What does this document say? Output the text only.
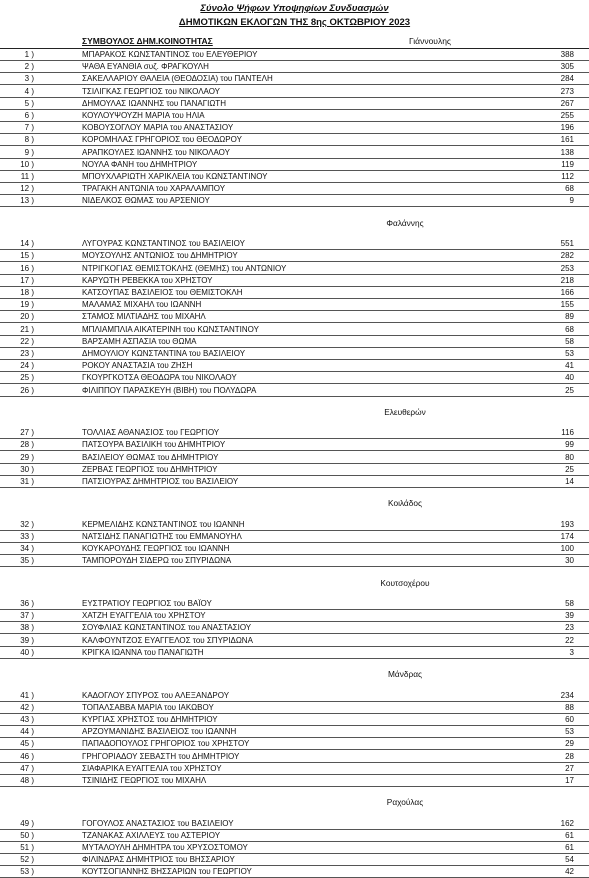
Σύνολο Ψήφων Υποψηφίων Συνδυασμών
ΔΗΜΟΤΙΚΩΝ ΕΚΛΟΓΩΝ ΤΗΣ 8ης ΟΚΤΩΒΡΙΟΥ 2023
ΣΥΜΒΟΥΛΟΣ ΔΗΜ.ΚΟΙΝΟΤΗΤΑΣ	Γιάννουλης
1 )	ΜΠΑΡΑΚΟΣ ΚΩΝΣΤΑΝΤΙΝΟΣ του ΕΛΕΥΘΕΡΙΟΥ	388
2 )	ΨΑΘΑ ΕΥΑΝΘΙΑ συζ. ΦΡΑΓΚΟΥΛΗ	305
3 )	ΣΑΚΕΛΛΑΡΙΟΥ ΘΑΛΕΙΑ (ΘΕΟΔΟΣΙΑ) του ΠΑΝΤΕΛΗ	284
4 )	ΤΣΙΛΙΓΚΑΣ ΓΕΩΡΓΙΟΣ του ΝΙΚΟΛΑΟΥ	273
5 )	ΔΗΜΟΥΛΑΣ ΙΩΑΝΝΗΣ του ΠΑΝΑΓΙΩΤΗ	267
6 )	ΚΟΥΛΟΥΨΟΥΖΗ ΜΑΡΙΑ του ΗΛΙΑ	255
7 )	ΚΟΒΟΥΣΟΓΛΟΥ ΜΑΡΙΑ του ΑΝΑΣΤΑΣΙΟΥ	196
8 )	ΚΟΡΟΜΗΛΑΣ ΓΡΗΓΟΡΙΟΣ του ΘΕΟΔΩΡΟΥ	161
9 )	ΑΡΑΠΚΟΥΛΕΣ ΙΩΑΝΝΗΣ του ΝΙΚΟΛΑΟΥ	138
10 )	ΝΟΥΛΑ ΦΑΝΗ του ΔΗΜΗΤΡΙΟΥ	119
11 )	ΜΠΟΥΧΛΑΡΙΩΤΗ ΧΑΡΙΚΛΕΙΑ του ΚΩΝΣΤΑΝΤΙΝΟΥ	112
12 )	ΤΡΑΓΑΚΗ ΑΝΤΩΝΙΑ του ΧΑΡΑΛΑΜΠΟΥ	68
13 )	ΝΙΔΕΛΚΟΣ ΘΩΜΑΣ του ΑΡΣΕΝΙΟΥ	9
Φαλάννης
14 )	ΛΥΓΟΥΡΑΣ ΚΩΝΣΤΑΝΤΙΝΟΣ του ΒΑΣΙΛΕΙΟΥ	551
15 )	ΜΟΥΣΟΥΛΗΣ ΑΝΤΩΝΙΟΣ του ΔΗΜΗΤΡΙΟΥ	282
16 )	ΝΤΡΙΓΚΟΓΙΑΣ ΘΕΜΙΣΤΟΚΛΗΣ (ΘΕΜΗΣ) του ΑΝΤΩΝΙΟΥ	253
17 )	ΚΑΡΥΩΤΗ ΡΕΒΕΚΚΑ του ΧΡΗΣΤΟΥ	218
18 )	ΚΑΤΣΟΥΠΑΣ ΒΑΣΙΛΕΙΟΣ του ΘΕΜΙΣΤΟΚΛΗ	166
19 )	ΜΑΛΑΜΑΣ ΜΙΧΑΗΛ του ΙΩΑΝΝΗ	155
20 )	ΣΤΑΜΟΣ ΜΙΛΤΙΑΔΗΣ του ΜΙΧΑΗΛ	89
21 )	ΜΠΛΙΑΜΠΛΙΑ ΑΙΚΑΤΕΡΙΝΗ του ΚΩΝΣΤΑΝΤΙΝΟΥ	68
22 )	ΒΑΡΣΑΜΗ ΑΣΠΑΣΙΑ του ΘΩΜΑ	58
23 )	ΔΗΜΟΥΛΙΟΥ ΚΩΝΣΤΑΝΤΙΝΑ του ΒΑΣΙΛΕΙΟΥ	53
24 )	ΡΟΚΟΥ ΑΝΑΣΤΑΣΙΑ του ΖΗΣΗ	41
25 )	ΓΚΟΥΡΓΚΟΤΣΑ ΘΕΟΔΩΡΑ του ΝΙΚΟΛΑΟΥ	40
26 )	ΦΙΛΙΠΠΟΥ ΠΑΡΑΣΚΕΥΗ (ΒΙΒΗ) του ΠΟΛΥΔΩΡΑ	25
Ελευθερών
27 )	ΤΟΛΛΙΑΣ ΑΘΑΝΑΣΙΟΣ του ΓΕΩΡΓΙΟΥ	116
28 )	ΠΑΤΣΟΥΡΑ ΒΑΣΙΛΙΚΗ του ΔΗΜΗΤΡΙΟΥ	99
29 )	ΒΑΣΙΛΕΙΟΥ ΘΩΜΑΣ του ΔΗΜΗΤΡΙΟΥ	80
30 )	ΖΕΡΒΑΣ ΓΕΩΡΓΙΟΣ του ΔΗΜΗΤΡΙΟΥ	25
31 )	ΠΑΤΣΙΟΥΡΑΣ ΔΗΜΗΤΡΙΟΣ του ΒΑΣΙΛΕΙΟΥ	14
Κοιλάδος
32 )	ΚΕΡΜΕΛΙΔΗΣ ΚΩΝΣΤΑΝΤΙΝΟΣ του ΙΩΑΝΝΗ	193
33 )	ΝΑΤΣΙΔΗΣ ΠΑΝΑΓΙΩΤΗΣ του ΕΜΜΑΝΟΥΗΛ	174
34 )	ΚΟΥΚΑΡΟΥΔΗΣ ΓΕΩΡΓΙΟΣ του ΙΩΑΝΝΗ	100
35 )	ΤΑΜΠΟΡΟΥΔΗ ΣΙΔΕΡΩ του ΣΠΥΡΙΔΩΝΑ	30
Κουτσοχέρου
36 )	ΕΥΣΤΡΑΤΙΟΥ ΓΕΩΡΓΙΟΣ του ΒΑΪΟΥ	58
37 )	ΧΑΤΖΗ ΕΥΑΓΓΕΛΙΑ του ΧΡΗΣΤΟΥ	39
38 )	ΣΟΥΦΛΙΑΣ ΚΩΝΣΤΑΝΤΙΝΟΣ του ΑΝΑΣΤΑΣΙΟΥ	23
39 )	ΚΑΛΦΟΥΝΤΖΟΣ ΕΥΑΓΓΕΛΟΣ του ΣΠΥΡΙΔΩΝΑ	22
40 )	ΚΡΙΓΚΑ ΙΩΑΝΝΑ του ΠΑΝΑΓΙΩΤΗ	3
Μάνδρας
41 )	ΚΑΔΟΓΛΟΥ ΣΠΥΡΟΣ του ΑΛΕΞΑΝΔΡΟΥ	234
42 )	ΤΟΠΑΛΣΑΒΒΑ ΜΑΡΙΑ του ΙΑΚΩΒΟΥ	88
43 )	ΚΥΡΓΙΑΣ ΧΡΗΣΤΟΣ του ΔΗΜΗΤΡΙΟΥ	60
44 )	ΑΡΖΟΥΜΑΝΙΔΗΣ ΒΑΣΙΛΕΙΟΣ του ΙΩΑΝΝΗ	53
45 )	ΠΑΠΑΔΟΠΟΥΛΟΣ ΓΡΗΓΟΡΙΟΣ του ΧΡΗΣΤΟΥ	29
46 )	ΓΡΗΓΟΡΙΑΔΟΥ ΣΕΒΑΣΤΗ του ΔΗΜΗΤΡΙΟΥ	28
47 )	ΣΙΑΦΑΡΙΚΑ ΕΥΑΓΓΕΛΙΑ του ΧΡΗΣΤΟΥ	27
48 )	ΤΣΙΝΙΔΗΣ ΓΕΩΡΓΙΟΣ του ΜΙΧΑΗΛ	17
Ραχούλας
49 )	ΓΟΓΟΥΛΟΣ ΑΝΑΣΤΑΣΙΟΣ του ΒΑΣΙΛΕΙΟΥ	162
50 )	ΤΖΑΝΑΚΑΣ ΑΧΙΛΛΕΥΣ του ΑΣΤΕΡΙΟΥ	61
51 )	ΜΥΤΑΛΟΥΛΗ ΔΗΜΗΤΡΑ του ΧΡΥΣΟΣΤΟΜΟΥ	61
52 )	ΦΙΛΙΝΔΡΑΣ ΔΗΜΗΤΡΙΟΣ του ΒΗΣΣΑΡΙΟΥ	54
53 )	ΚΟΥΤΣΟΓΙΑΝΝΗΣ ΒΗΣΣΑΡΙΩΝ του ΓΕΩΡΓΙΟΥ	42
